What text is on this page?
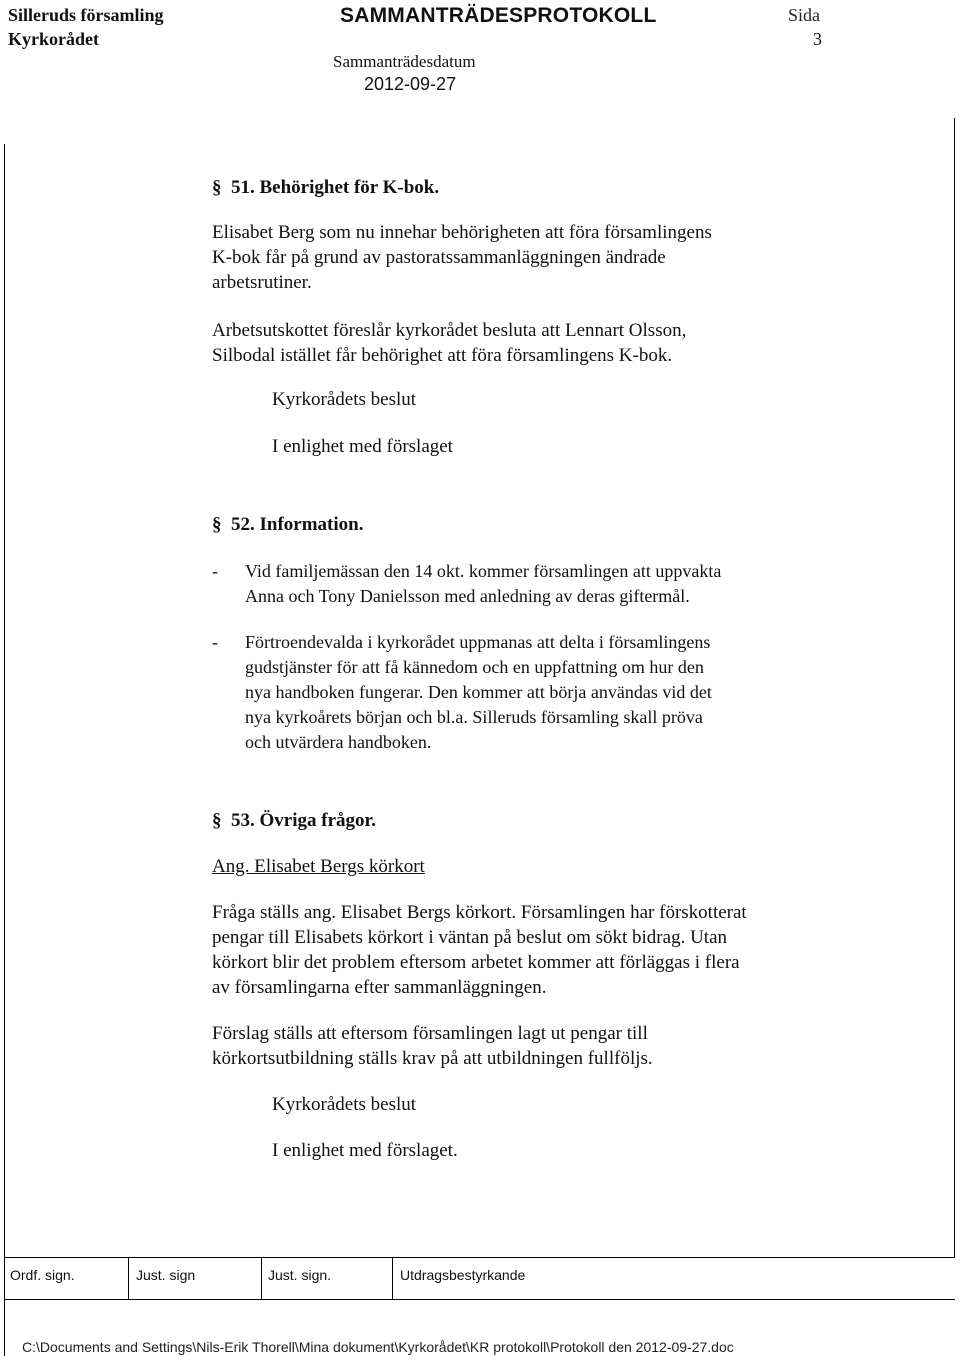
Silleruds församling
Kyrkorådet
SAMMANTRÄDESPROTOKOLL	Sida
3
Sammanträdesdatum
2012-09-27
§ 51. Behörighet för K-bok.
Elisabet Berg som nu innehar behörigheten att föra församlingens
K-bok får på grund av pastoratssammanläggningen ändrade
arbetsrutiner.
Arbetsutskottet föreslår kyrkorådet besluta att Lennart Olsson,
Silbodal istället får behörighet att föra församlingens K-bok.
Kyrkorådets beslut
I enlighet med förslaget
§ 52. Information.
- Vid familjemässan den 14 okt. kommer församlingen att uppvakta
Anna och Tony Danielsson med anledning av deras giftermål.
- Förtroendevalda i kyrkorådet uppmanas att delta i församlingens
gudstjänster för att få kännedom och en uppfattning om hur den
nya handboken fungerar. Den kommer att börja användas vid det
nya kyrkoårets början och bl.a. Silleruds församling skall pröva
och utvärdera handboken.
§ 53. Övriga frågor.
Ang. Elisabet Bergs körkort
Fråga ställs ang. Elisabet Bergs körkort. Församlingen har förskotterat
pengar till Elisabets körkort i väntan på beslut om sökt bidrag. Utan
körkort blir det problem eftersom arbetet kommer att förläggas i flera
av församlingarna efter sammanläggningen.
Förslag ställs att eftersom församlingen lagt ut pengar till
körkortsutbildning ställs krav på att utbildningen fullföljs.
Kyrkorådets beslut
I enlighet med förslaget.
Ordf. sign.	Just. sign	Just. sign.	Utdragsbestyrkande
C:\Documents and Settings\Nils-Erik Thorell\Mina dokument\Kyrkorådet\KR protokoll\Protokoll den 2012-09-27.doc
